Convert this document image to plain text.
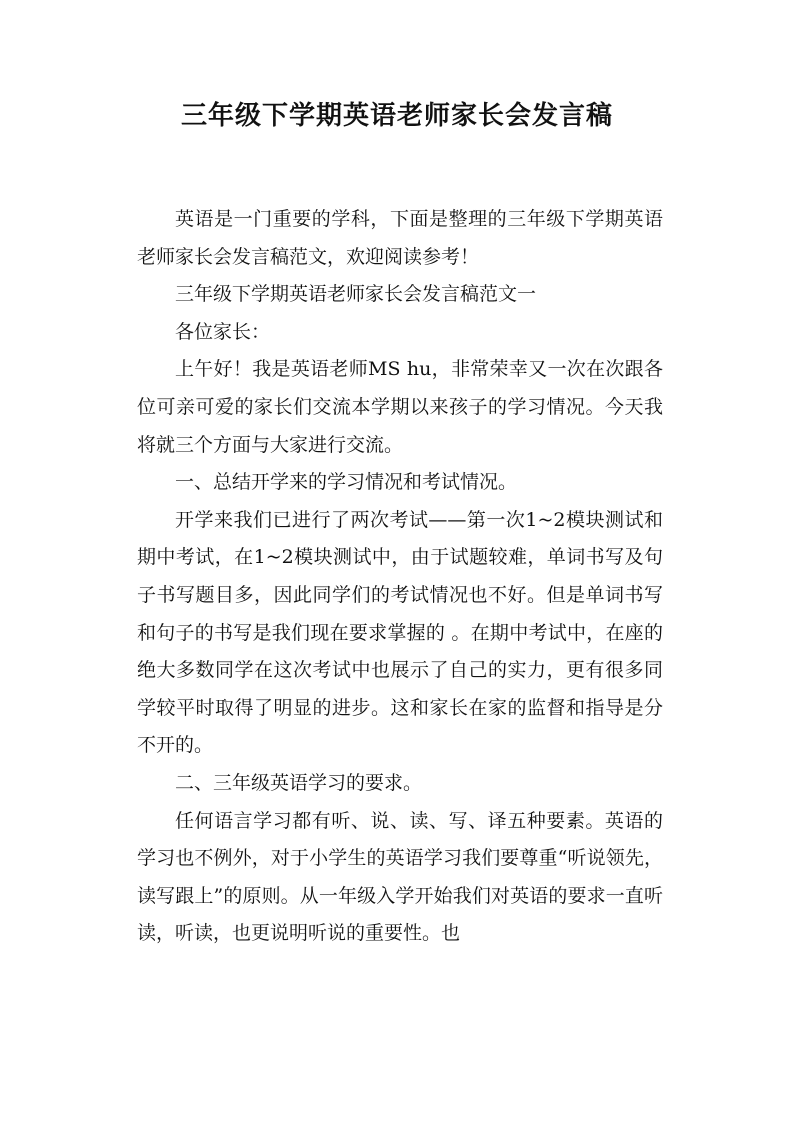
三年级下学期英语老师家长会发言稿

英语是一门重要的学科，下面是整理的三年级下学期英语老师家长会发言稿范文，欢迎阅读参考！

三年级下学期英语老师家长会发言稿范文一

各位家长：

上午好！我是英语老师MS hu，非常荣幸又一次在次跟各位可亲可爱的家长们交流本学期以来孩子的学习情况。今天我将就三个方面与大家进行交流。

一、总结开学来的学习情况和考试情况。

开学来我们已进行了两次考试——第一次1~2模块测试和期中考试，在1~2模块测试中，由于试题较难，单词书写及句子书写题目多，因此同学们的考试情况也不好。但是单词书写和句子的书写是我们现在要求掌握的 。在期中考试中，在座的绝大多数同学在这次考试中也展示了自己的实力，更有很多同学较平时取得了明显的进步。这和家长在家的监督和指导是分不开的。

二、三年级英语学习的要求。

任何语言学习都有听、说、读、写、译五种要素。英语的学习也不例外，对于小学生的英语学习我们要尊重“听说领先，读写跟上”的原则。从一年级入学开始我们对英语的要求一直听读，听读，也更说明听说的重要性。也
